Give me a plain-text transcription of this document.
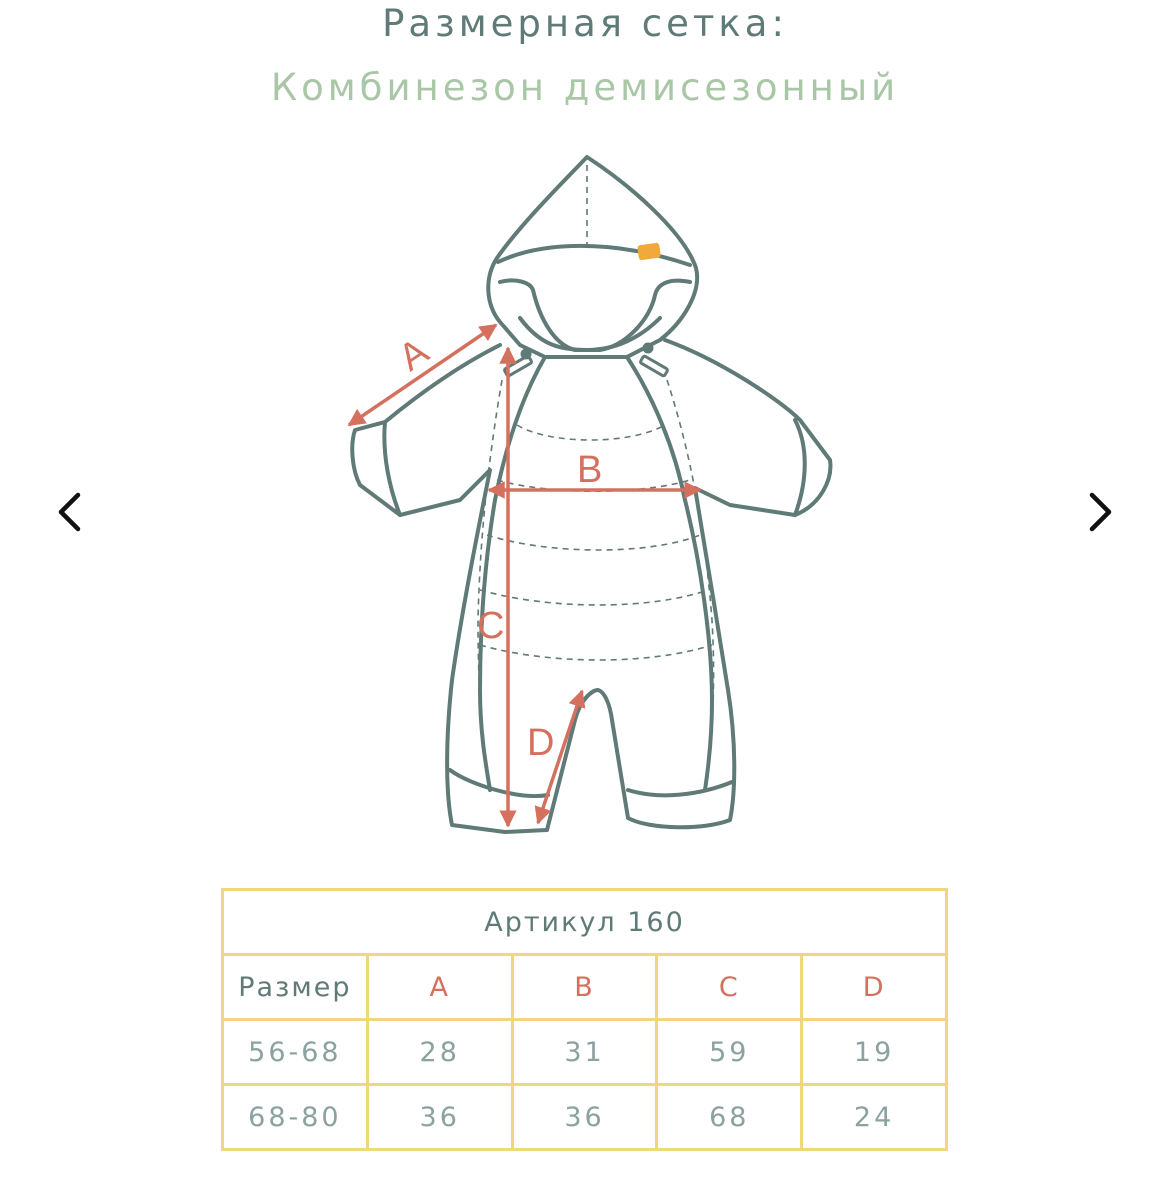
Размерная сетка:
Комбинезон демисезонный
A
B
C
D
Артикул 160				
Размер	A	B	C	D
56-68	28	31	59	19
68-80	36	36	68	24
